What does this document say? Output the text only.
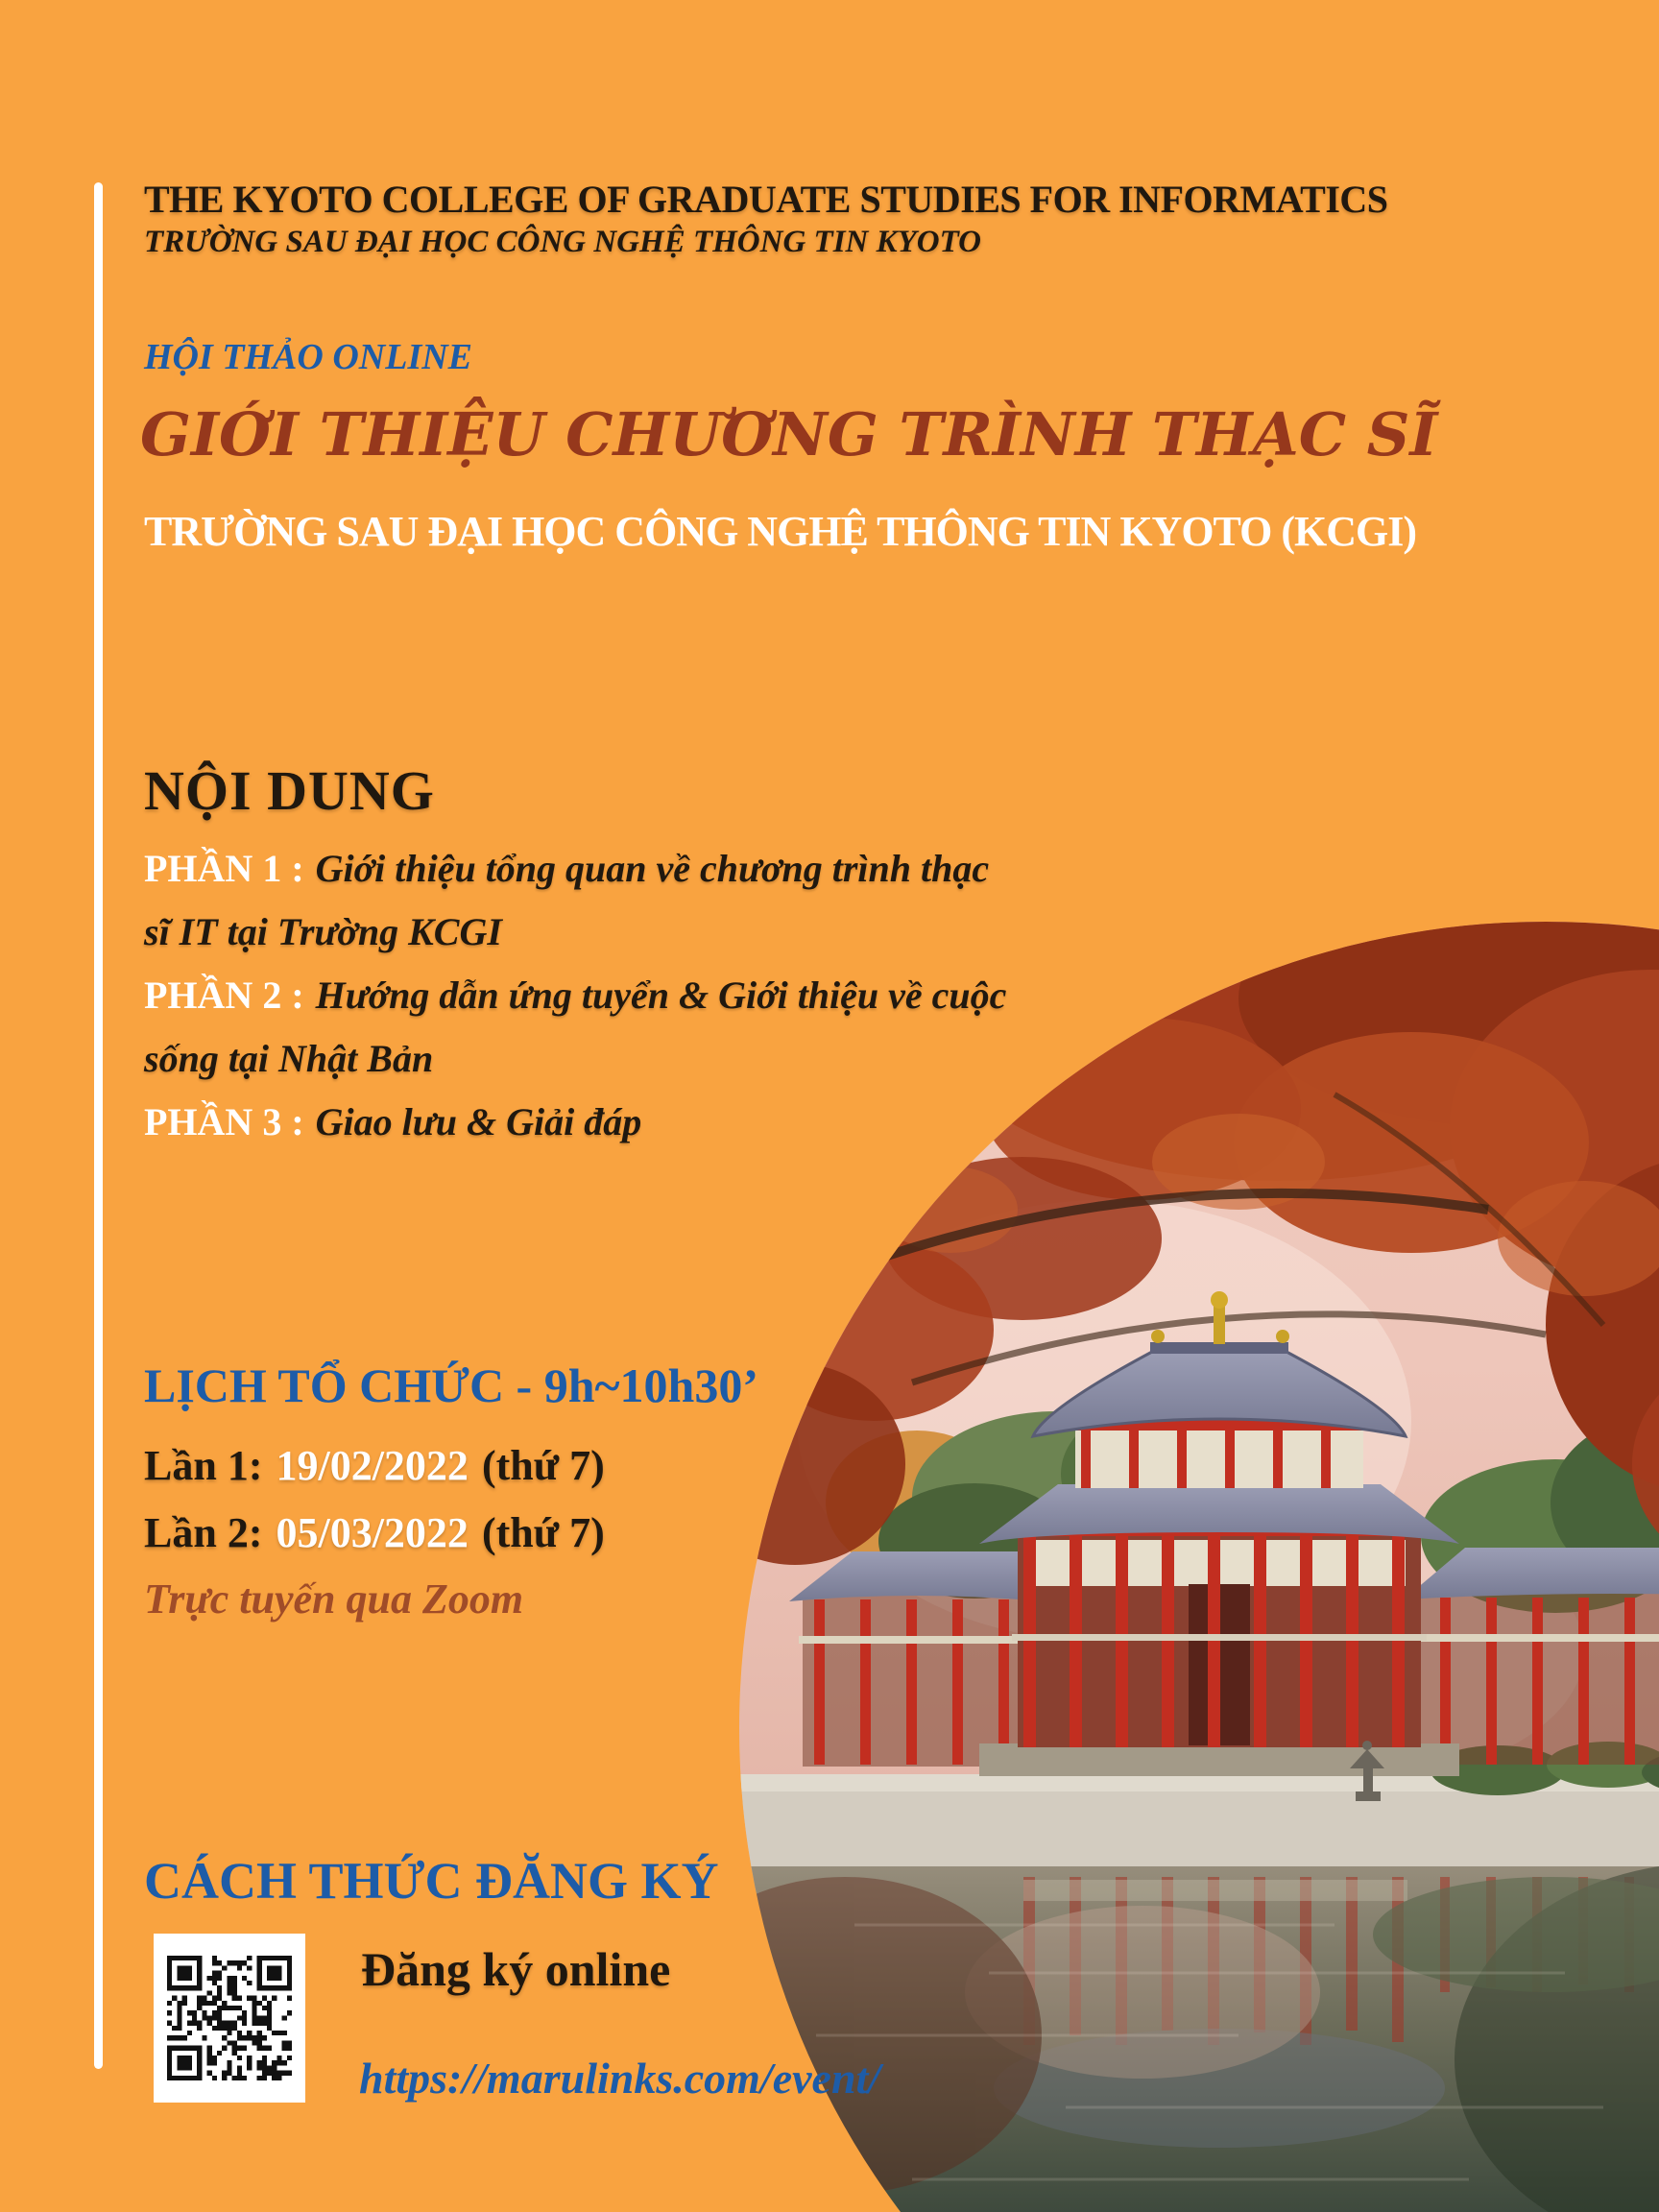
THE KYOTO COLLEGE OF GRADUATE STUDIES FOR INFORMATICS
TRƯỜNG SAU ĐẠI HỌC CÔNG NGHỆ THÔNG TIN KYOTO
HỘI THẢO ONLINE
GIỚI THIỆU CHƯƠNG TRÌNH THẠC SĨ
TRƯỜNG SAU ĐẠI HỌC CÔNG NGHỆ THÔNG TIN KYOTO (KCGI)
NỘI DUNG
PHẦN 1 : Giới thiệu tổng quan về chương trình thạc
sĩ IT tại Trường KCGI
PHẦN 2 : Hướng dẫn ứng tuyển & Giới thiệu về cuộc
sống tại Nhật Bản
PHẦN 3 : Giao lưu & Giải đáp
LỊCH TỔ CHỨC - 9h~10h30’
Lần 1: 19/02/2022 (thứ 7)
Lần 2: 05/03/2022 (thứ 7)
Trực tuyến qua Zoom
CÁCH THỨC ĐĂNG KÝ
Đăng ký online
https://marulinks.com/event/
